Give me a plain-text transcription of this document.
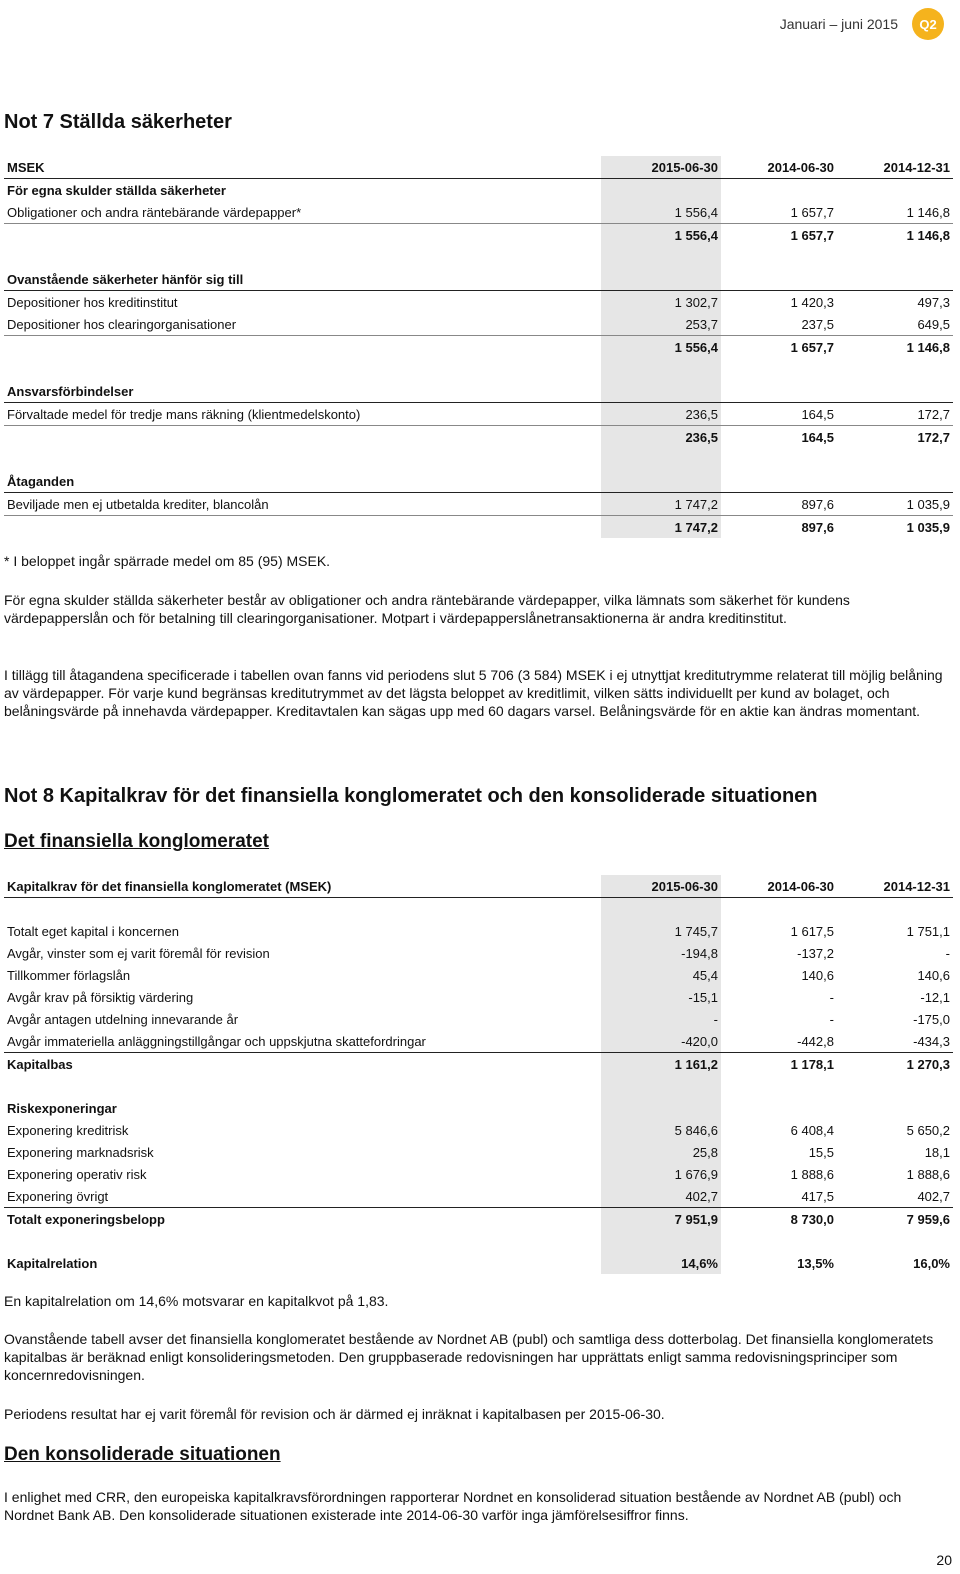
Januari – juni 2015	Q2
Not 7 Ställda säkerheter
MSEK	2015-06-30	2014-06-30	2014-12-31
För egna skulder ställda säkerheter			
Obligationer och andra räntebärande värdepapper*	1 556,4	1 657,7	1 146,8
	1 556,4	1 657,7	1 146,8

Ovanstående säkerheter hänför sig till			
Depositioner hos kreditinstitut	1 302,7	1 420,3	497,3
Depositioner hos clearingorganisationer	253,7	237,5	649,5
	1 556,4	1 657,7	1 146,8

Ansvarsförbindelser			
Förvaltade medel för tredje mans räkning (klientmedelskonto)	236,5	164,5	172,7
	236,5	164,5	172,7

Åtaganden			
Beviljade men ej utbetalda krediter, blancolån	1 747,2	897,6	1 035,9
	1 747,2	897,6	1 035,9

* I beloppet ingår spärrade medel om 85 (95) MSEK.

För egna skulder ställda säkerheter består av obligationer och andra räntebärande värdepapper, vilka lämnats som säkerhet för kundens värdepapperslån och för betalning till clearingorganisationer. Motpart i värdepapperslånetransaktionerna är andra kreditinstitut.

I tillägg till åtagandena specificerade i tabellen ovan fanns vid periodens slut 5 706 (3 584) MSEK i ej utnyttjat kreditutrymme relaterat till möjlig belåning av värdepapper. För varje kund begränsas kreditutrymmet av det lägsta beloppet av kreditlimit, vilken sätts individuellt per kund av bolaget, och belåningsvärde på innehavda värdepapper. Kreditavtalen kan sägas upp med 60 dagars varsel. Belåningsvärde för en aktie kan ändras momentant.

Not 8 Kapitalkrav för det finansiella konglomeratet och den konsoliderade situationen
Det finansiella konglomeratet
Kapitalkrav för det finansiella konglomeratet (MSEK)	2015-06-30	2014-06-30	2014-12-31

Totalt eget kapital i koncernen	1 745,7	1 617,5	1 751,1
Avgår, vinster som ej varit föremål för revision	-194,8	-137,2	-
Tillkommer förlagslån	45,4	140,6	140,6
Avgår krav på försiktig värdering	-15,1	-	-12,1
Avgår antagen utdelning innevarande år	-	-	-175,0
Avgår immateriella anläggningstillgångar och uppskjutna skattefordringar	-420,0	-442,8	-434,3
Kapitalbas	1 161,2	1 178,1	1 270,3

Riskexponeringar			
Exponering kreditrisk	5 846,6	6 408,4	5 650,2
Exponering marknadsrisk	25,8	15,5	18,1
Exponering operativ risk	1 676,9	1 888,6	1 888,6
Exponering övrigt	402,7	417,5	402,7
Totalt exponeringsbelopp	7 951,9	8 730,0	7 959,6

Kapitalrelation	14,6%	13,5%	16,0%

En kapitalrelation om 14,6% motsvarar en kapitalkvot på 1,83.

Ovanstående tabell avser det finansiella konglomeratet bestående av Nordnet AB (publ) och samtliga dess dotterbolag. Det finansiella konglomeratets kapitalbas är beräknad enligt konsolideringsmetoden. Den gruppbaserade redovisningen har upprättats enligt samma redovisningsprinciper som koncernredovisningen.

Periodens resultat har ej varit föremål för revision och är därmed ej inräknat i kapitalbasen per 2015-06-30.

Den konsoliderade situationen

I enlighet med CRR, den europeiska kapitalkravsförordningen rapporterar Nordnet en konsoliderad situation bestående av Nordnet AB (publ) och Nordnet Bank AB. Den konsoliderade situationen existerade inte 2014-06-30 varför inga jämförelsesiffror finns.

20
